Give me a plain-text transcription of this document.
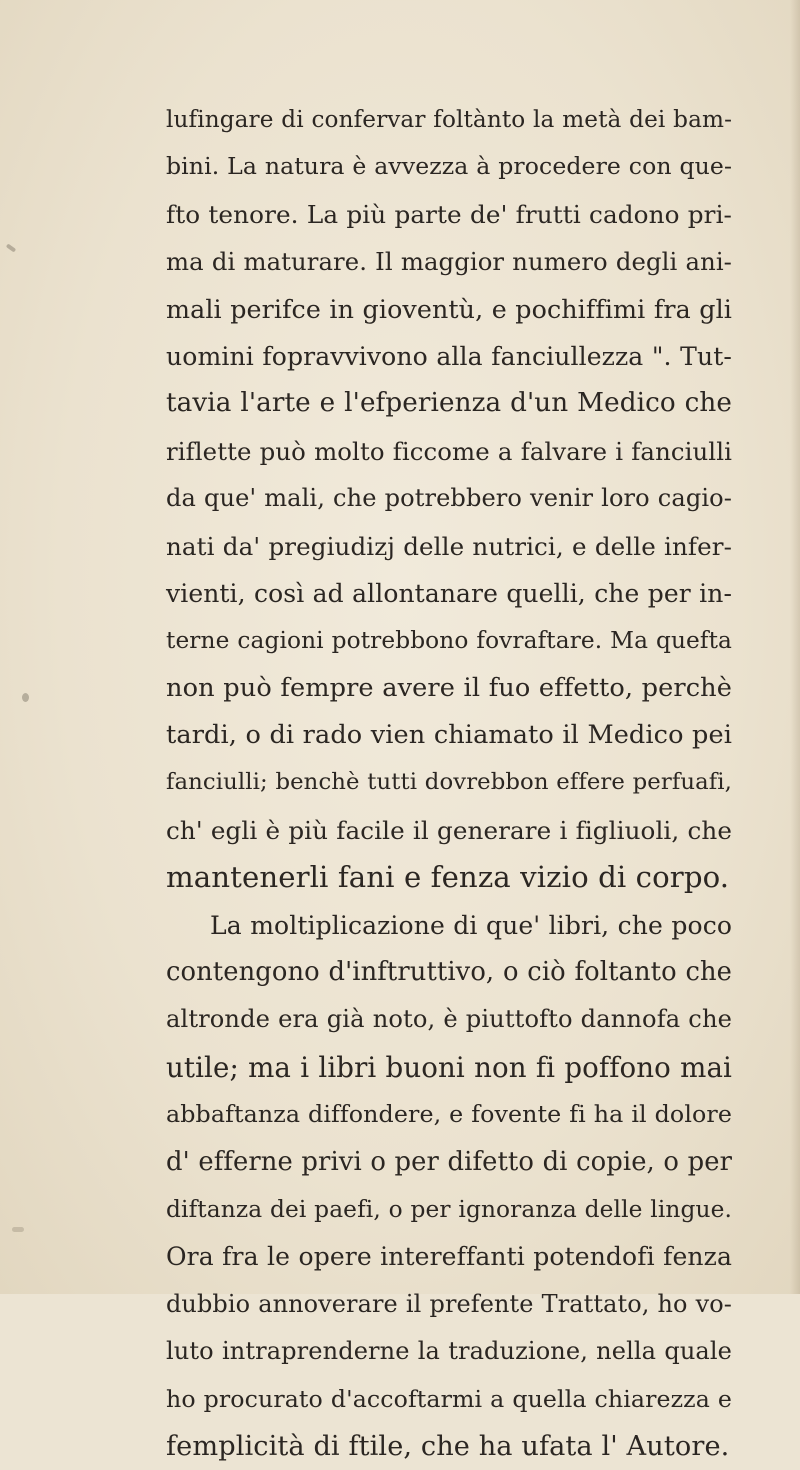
lufingare di confervar foltànto la metà dei bam-
bini. La natura è avvezza à procedere con que-
fto tenore. La più parte de' frutti cadono pri-
ma di maturare. Il maggior numero degli ani-
mali perifce in gioventù, e pochiffimi fra gli
uomini fopravvivono alla fanciullezza ". Tut-
tavia l'arte e l'efperienza d'un Medico che
riflette può molto ficcome a falvare i fanciulli
da que' mali, che potrebbero venir loro cagio-
nati da' pregiudizj delle nutrici, e delle infer-
vienti, così ad allontanare quelli, che per in-
terne cagioni potrebbono fovraftare. Ma quefta
non può fempre avere il fuo effetto, perchè
tardi, o di rado vien chiamato il Medico pei
fanciulli; benchè tutti dovrebbon effere perfuafi,
ch' egli è più facile il generare i figliuoli, che
mantenerli fani e fenza vizio di corpo.
La moltiplicazione di que' libri, che poco
contengono d'inftruttivo, o ciò foltanto che
altronde era già noto, è piuttofto dannofa che
utile; ma i libri buoni non fi poffono mai
abbaftanza diffondere, e fovente fi ha il dolore
d' efferne privi o per difetto di copie, o per
diftanza dei paefi, o per ignoranza delle lingue.
Ora fra le opere intereffanti potendofi fenza
dubbio annoverare il prefente Trattato, ho vo-
luto intraprenderne la traduzione, nella quale
ho procurato d'accoftarmi a quella chiarezza e
femplicità di ftile, che ha ufata l' Autore.
